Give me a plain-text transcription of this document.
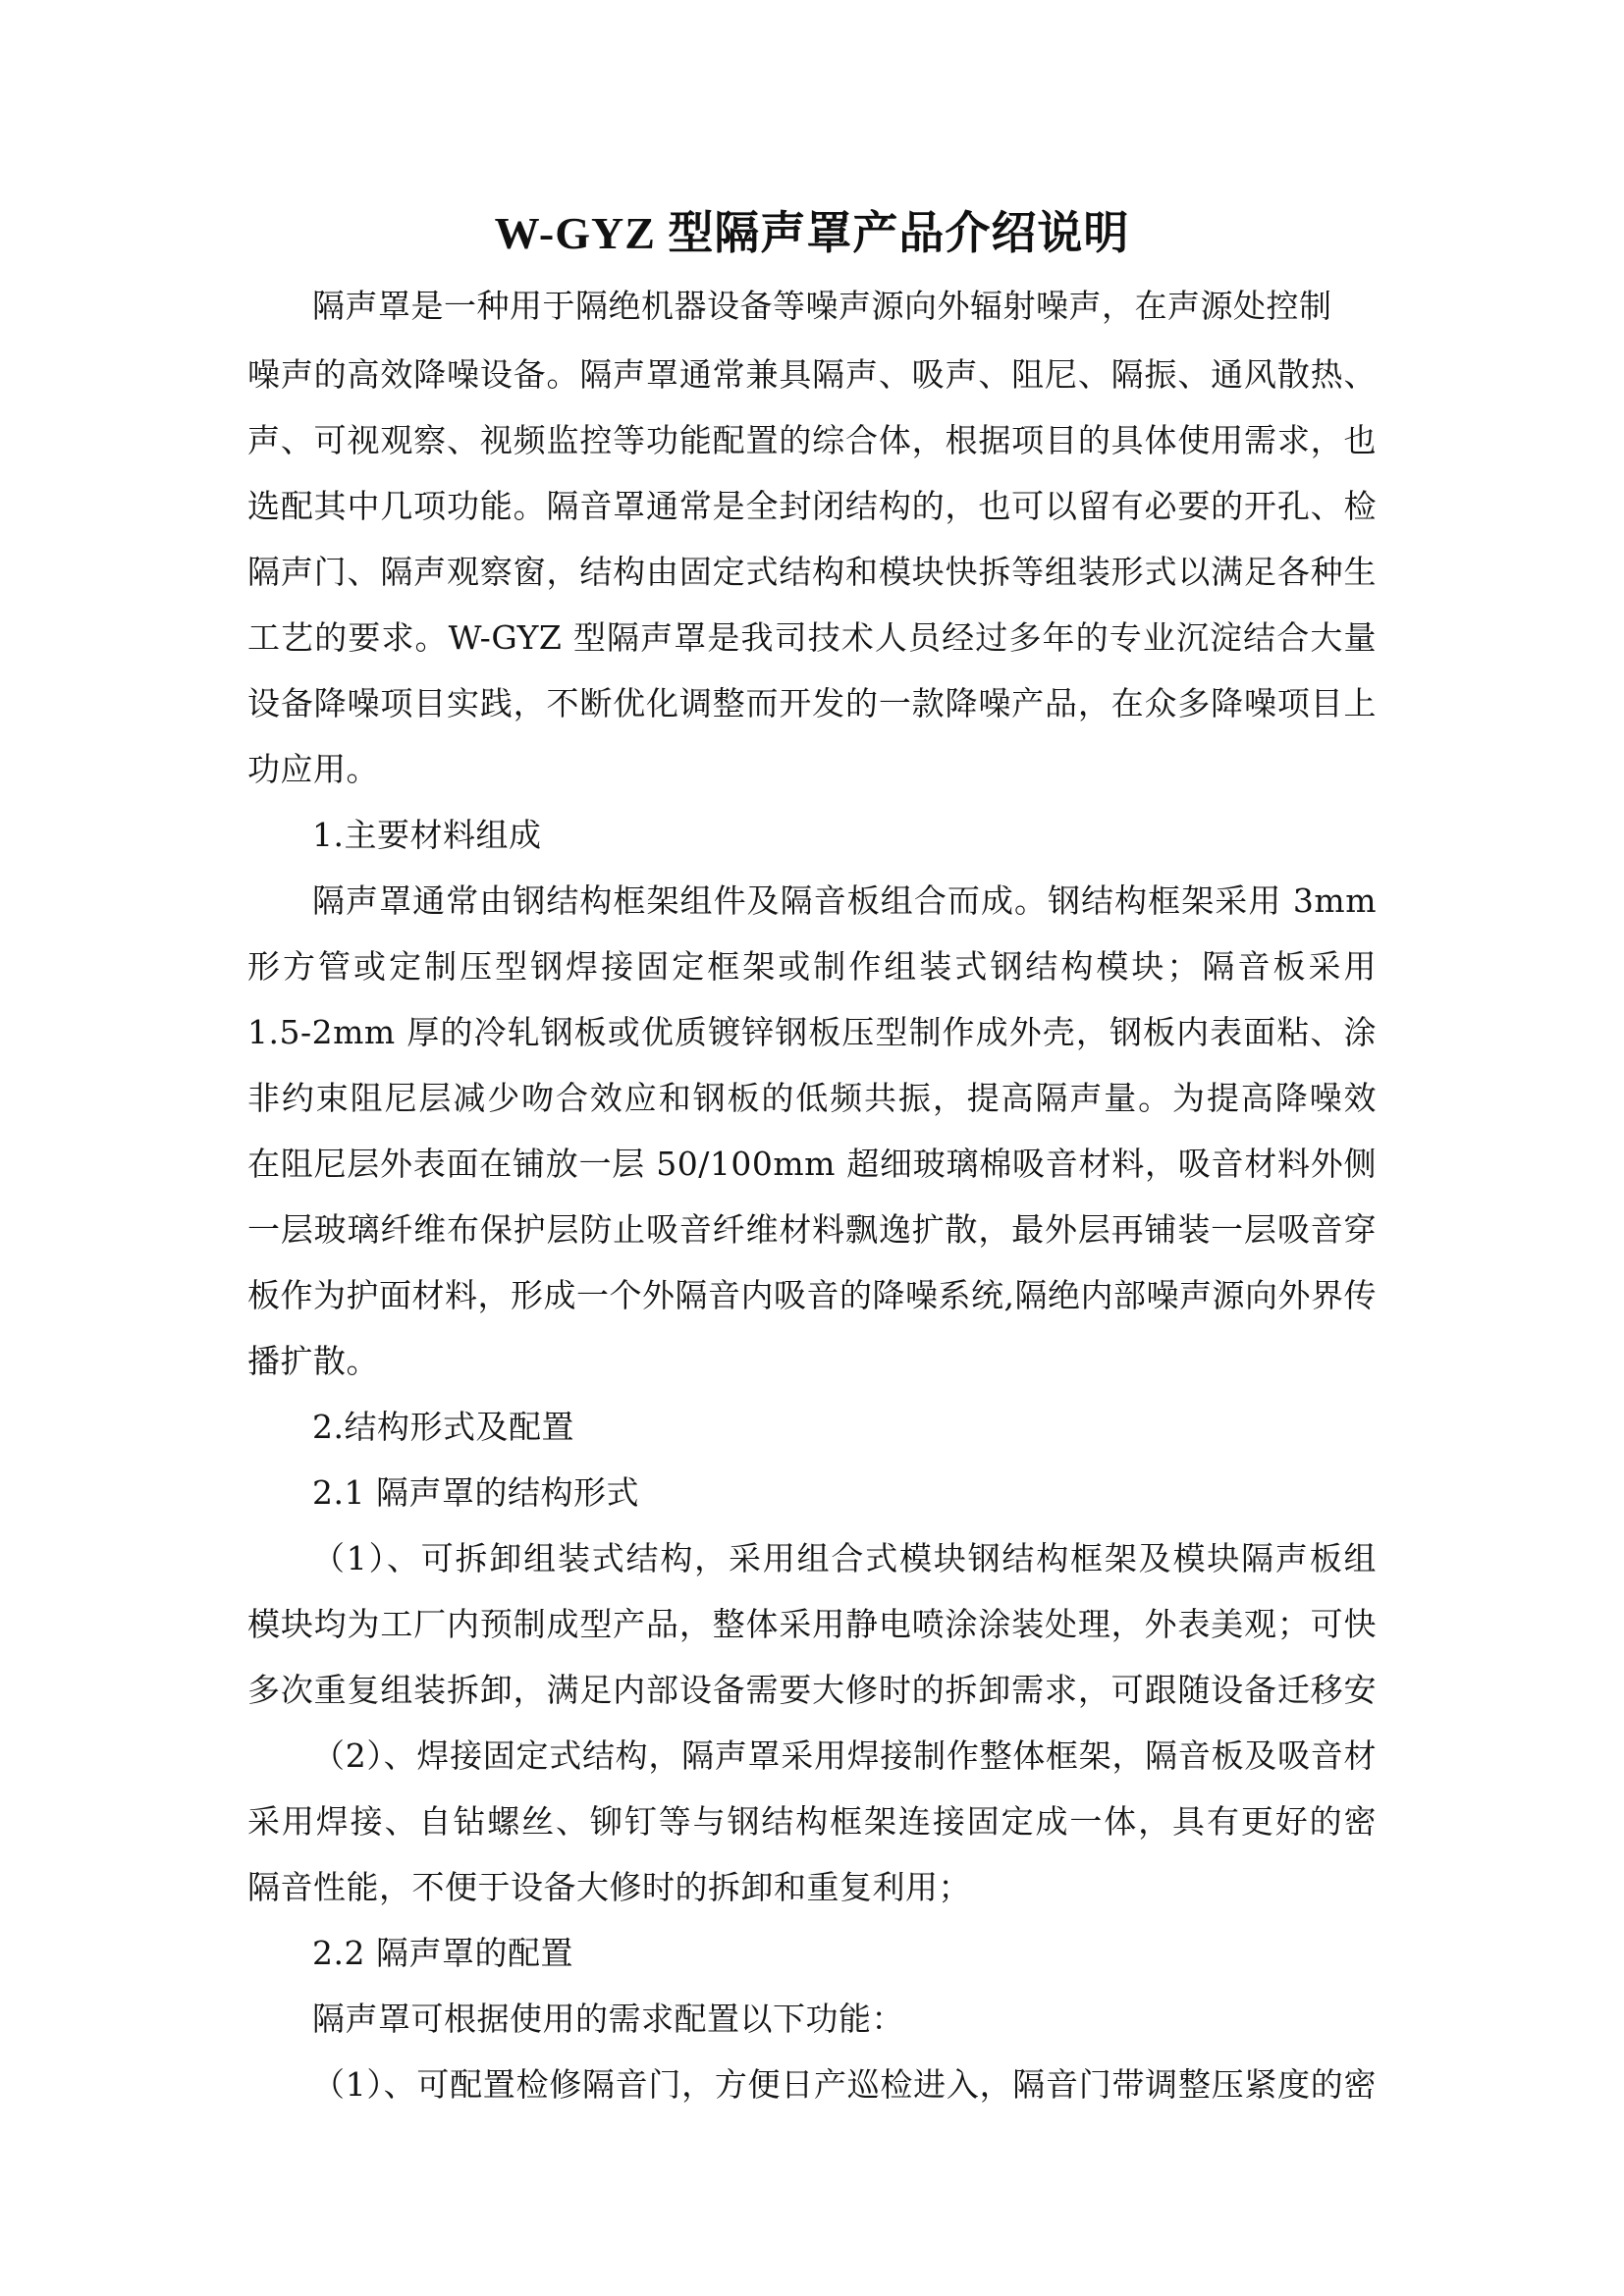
W-GYZ 型隔声罩产品介绍说明
隔声罩是一种用于隔绝机器设备等噪声源向外辐射噪声，在声源处控制
噪声的高效降噪设备。隔声罩通常兼具隔声、吸声、阻尼、隔振、通风散热、
声、可视观察、视频监控等功能配置的综合体，根据项目的具体使用需求，也
选配其中几项功能。隔音罩通常是全封闭结构的，也可以留有必要的开孔、检
隔声门、隔声观察窗，结构由固定式结构和模块快拆等组装形式以满足各种生
工艺的要求。W-GYZ 型隔声罩是我司技术人员经过多年的专业沉淀结合大量
设备降噪项目实践，不断优化调整而开发的一款降噪产品，在众多降噪项目上
功应用。
1.主要材料组成
隔声罩通常由钢结构框架组件及隔音板组合而成。钢结构框架采用 3mm
形方管或定制压型钢焊接固定框架或制作组装式钢结构模块；隔音板采用
1.5-2mm 厚的冷轧钢板或优质镀锌钢板压型制作成外壳，钢板内表面粘、涂
非约束阻尼层减少吻合效应和钢板的低频共振，提高隔声量。为提高降噪效
在阻尼层外表面在铺放一层 50/100mm 超细玻璃棉吸音材料，吸音材料外侧
一层玻璃纤维布保护层防止吸音纤维材料飘逸扩散，最外层再铺装一层吸音穿
板作为护面材料，形成一个外隔音内吸音的降噪系统,隔绝内部噪声源向外界传
播扩散。
2.结构形式及配置
2.1 隔声罩的结构形式
（1）、可拆卸组装式结构，采用组合式模块钢结构框架及模块隔声板组
模块均为工厂内预制成型产品，整体采用静电喷涂涂装处理，外表美观；可快
多次重复组装拆卸，满足内部设备需要大修时的拆卸需求，可跟随设备迁移安
（2）、焊接固定式结构，隔声罩采用焊接制作整体框架，隔音板及吸音材
采用焊接、自钻螺丝、铆钉等与钢结构框架连接固定成一体，具有更好的密
隔音性能，不便于设备大修时的拆卸和重复利用；
2.2 隔声罩的配置
隔声罩可根据使用的需求配置以下功能：
（1）、可配置检修隔音门，方便日产巡检进入，隔音门带调整压紧度的密
